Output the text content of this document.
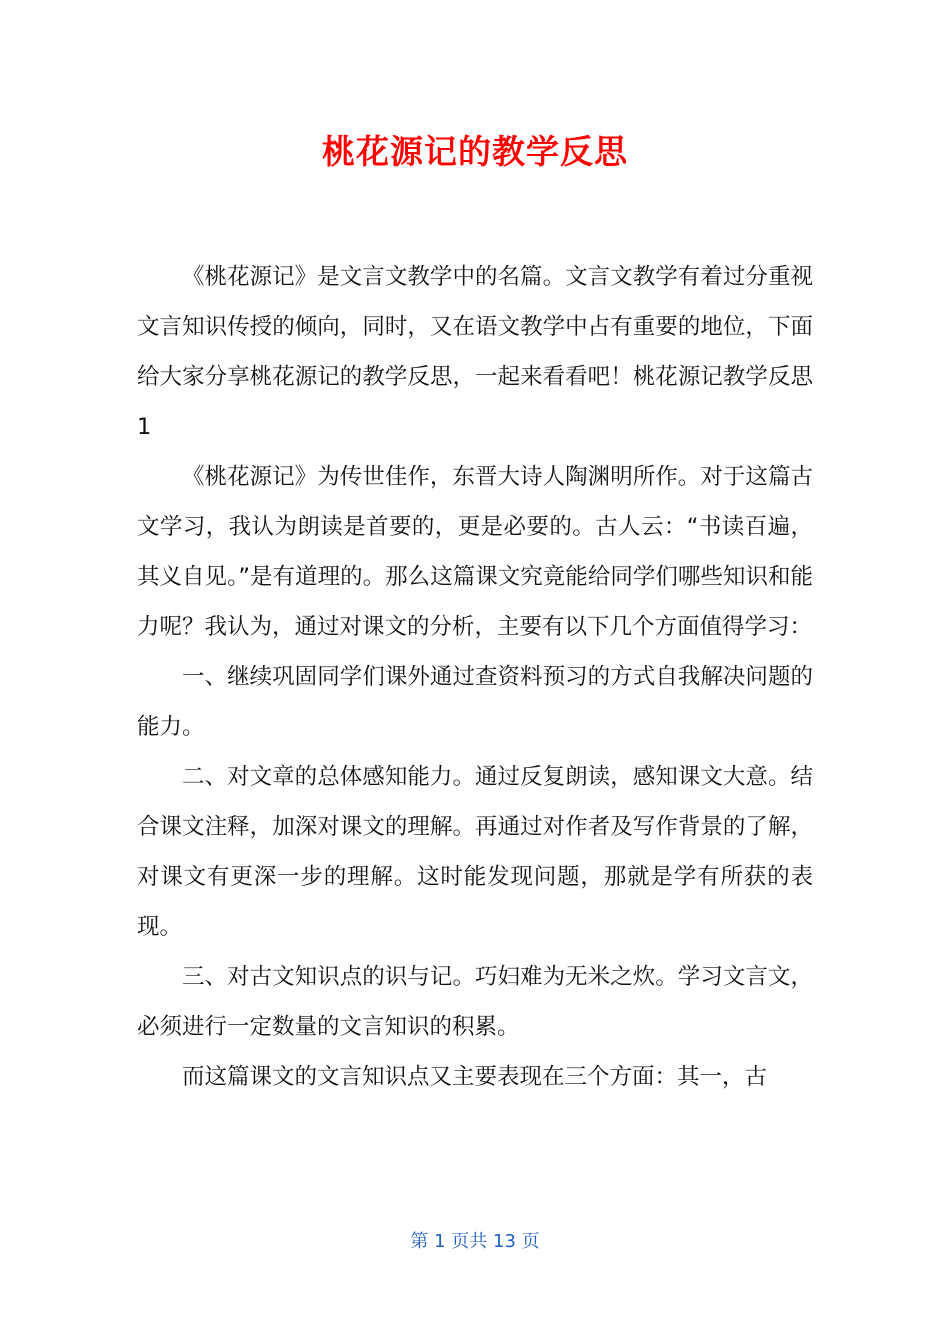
桃花源记的教学反思

《桃花源记》是文言文教学中的名篇。文言文教学有着过分重视文言知识传授的倾向，同时，又在语文教学中占有重要的地位，下面给大家分享桃花源记的教学反思，一起来看看吧！桃花源记教学反思1

《桃花源记》为传世佳作，东晋大诗人陶渊明所作。对于这篇古文学习，我认为朗读是首要的，更是必要的。古人云：“书读百遍，其义自见。”是有道理的。那么这篇课文究竟能给同学们哪些知识和能力呢？我认为，通过对课文的分析，主要有以下几个方面值得学习：

一、继续巩固同学们课外通过查资料预习的方式自我解决问题的能力。

二、对文章的总体感知能力。通过反复朗读，感知课文大意。结合课文注释，加深对课文的理解。再通过对作者及写作背景的了解，对课文有更深一步的理解。这时能发现问题，那就是学有所获的表现。

三、对古文知识点的识与记。巧妇难为无米之炊。学习文言文，必须进行一定数量的文言知识的积累。

而这篇课文的文言知识点又主要表现在三个方面：其一，古

第 1 页共 13 页
